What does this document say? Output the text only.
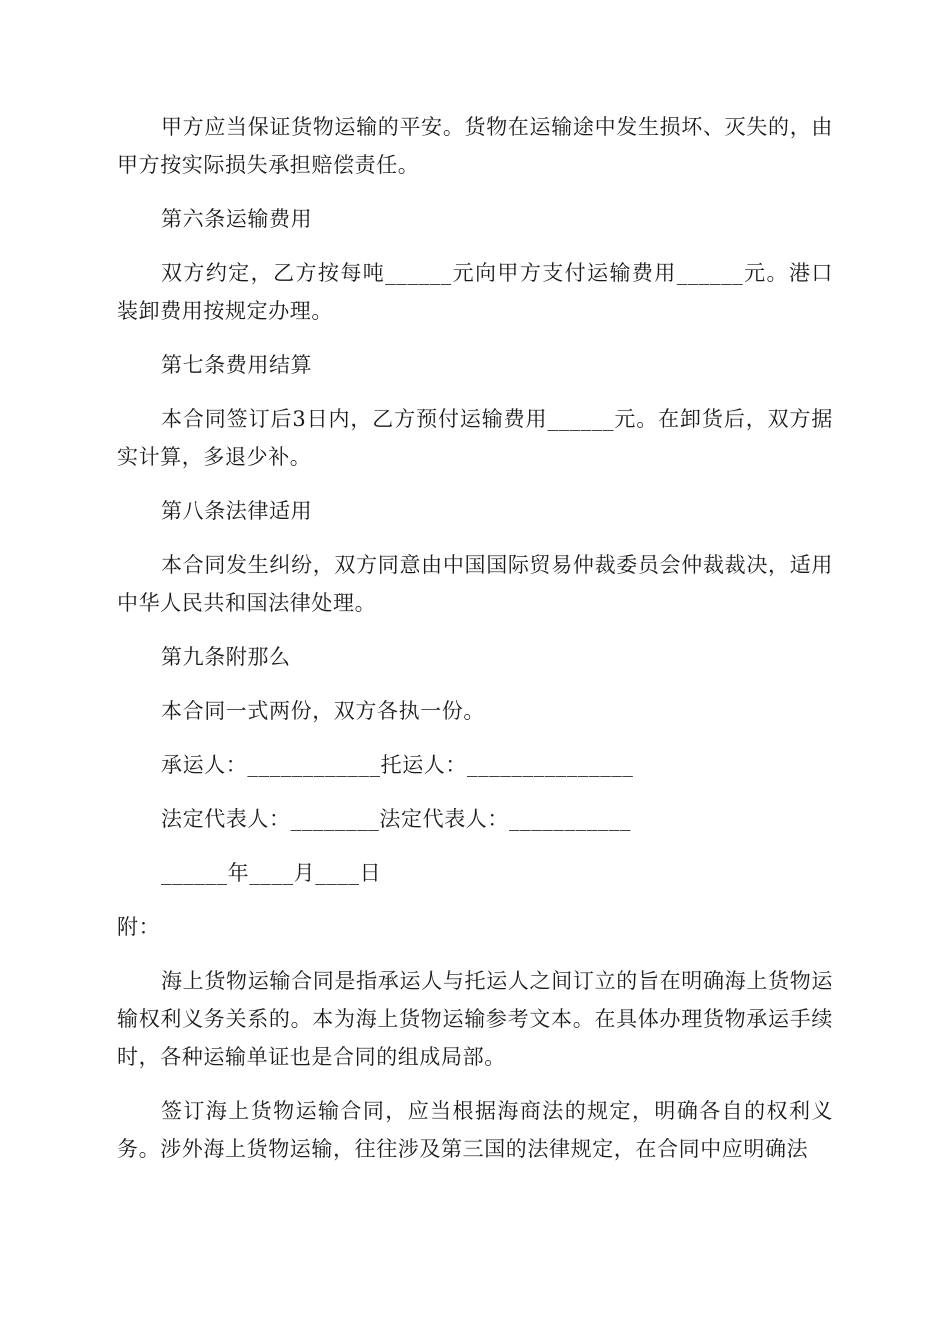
甲方应当保证货物运输的平安。货物在运输途中发生损坏、灭失的，由甲方按实际损失承担赔偿责任。

第六条运输费用

双方约定，乙方按每吨______元向甲方支付运输费用______元。港口装卸费用按规定办理。

第七条费用结算

本合同签订后3日内，乙方预付运输费用______元。在卸货后，双方据实计算，多退少补。

第八条法律适用

本合同发生纠纷，双方同意由中国国际贸易仲裁委员会仲裁裁决，适用中华人民共和国法律处理。

第九条附那么

本合同一式两份，双方各执一份。

承运人：____________托运人：_______________

法定代表人：________法定代表人：___________

______年____月____日

附：

海上货物运输合同是指承运人与托运人之间订立的旨在明确海上货物运输权利义务关系的。本为海上货物运输参考文本。在具体办理货物承运手续时，各种运输单证也是合同的组成局部。

签订海上货物运输合同，应当根据海商法的规定，明确各自的权利义务。涉外海上货物运输，往往涉及第三国的法律规定，在合同中应明确法
